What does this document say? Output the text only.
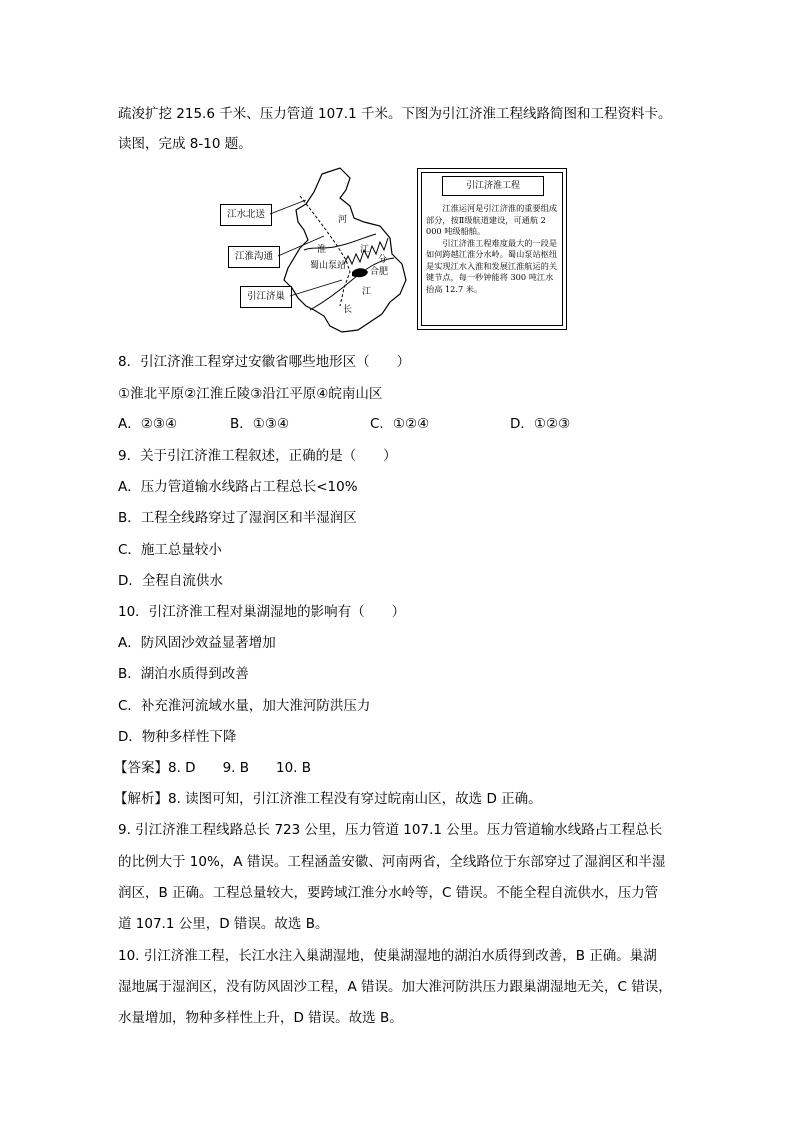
疏浚扩挖 215.6 千米、压力管道 107.1 千米。下图为引江济淮工程线路简图和工程资料卡。
读图，完成 8-10 题。
江水北送
江淮沟通
引江济巢
河
淮
蜀山泵站
合肥
江
长
江
分
引江济淮工程
　　江淮运河是引江济淮的重要组成部分，按Ⅱ级航道建设，可通航 2 000 吨级船舶。
　　引江济淮工程难度最大的一段是如何跨越江淮分水岭。蜀山泵站枢纽是实现江水入淮和发展江淮航运的关键节点，每一秒钟能将 300 吨江水抬高 12.7 米。
8．引江济淮工程穿过安徽省哪些地形区（　　）
①淮北平原②江淮丘陵③沿江平原④皖南山区
A．②③④	B．①③④	C．①②④	D．①②③
9．关于引江济淮工程叙述，正确的是（　　）
A．压力管道输水线路占工程总长<10%
B．工程全线路穿过了湿润区和半湿润区
C．施工总量较小
D．全程自流供水
10．引江济淮工程对巢湖湿地的影响有（　　）
A．防风固沙效益显著增加
B．湖泊水质得到改善
C．补充淮河流域水量，加大淮河防洪压力
D．物种多样性下降
【答案】8. D　　9. B　　10. B
【解析】8. 读图可知，引江济淮工程没有穿过皖南山区，故选 D 正确。
9. 引江济淮工程线路总长 723 公里，压力管道 107.1 公里。压力管道输水线路占工程总长
的比例大于 10%，A 错误。工程涵盖安徽、河南两省，全线路位于东部穿过了湿润区和半湿
润区，B 正确。工程总量较大，要跨域江淮分水岭等，C 错误。不能全程自流供水，压力管
道 107.1 公里，D 错误。故选 B。
10. 引江济淮工程，长江水注入巢湖湿地，使巢湖湿地的湖泊水质得到改善，B 正确。巢湖
湿地属于湿润区，没有防风固沙工程，A 错误。加大淮河防洪压力跟巢湖湿地无关，C 错误，
水量增加，物种多样性上升，D 错误。故选 B。
